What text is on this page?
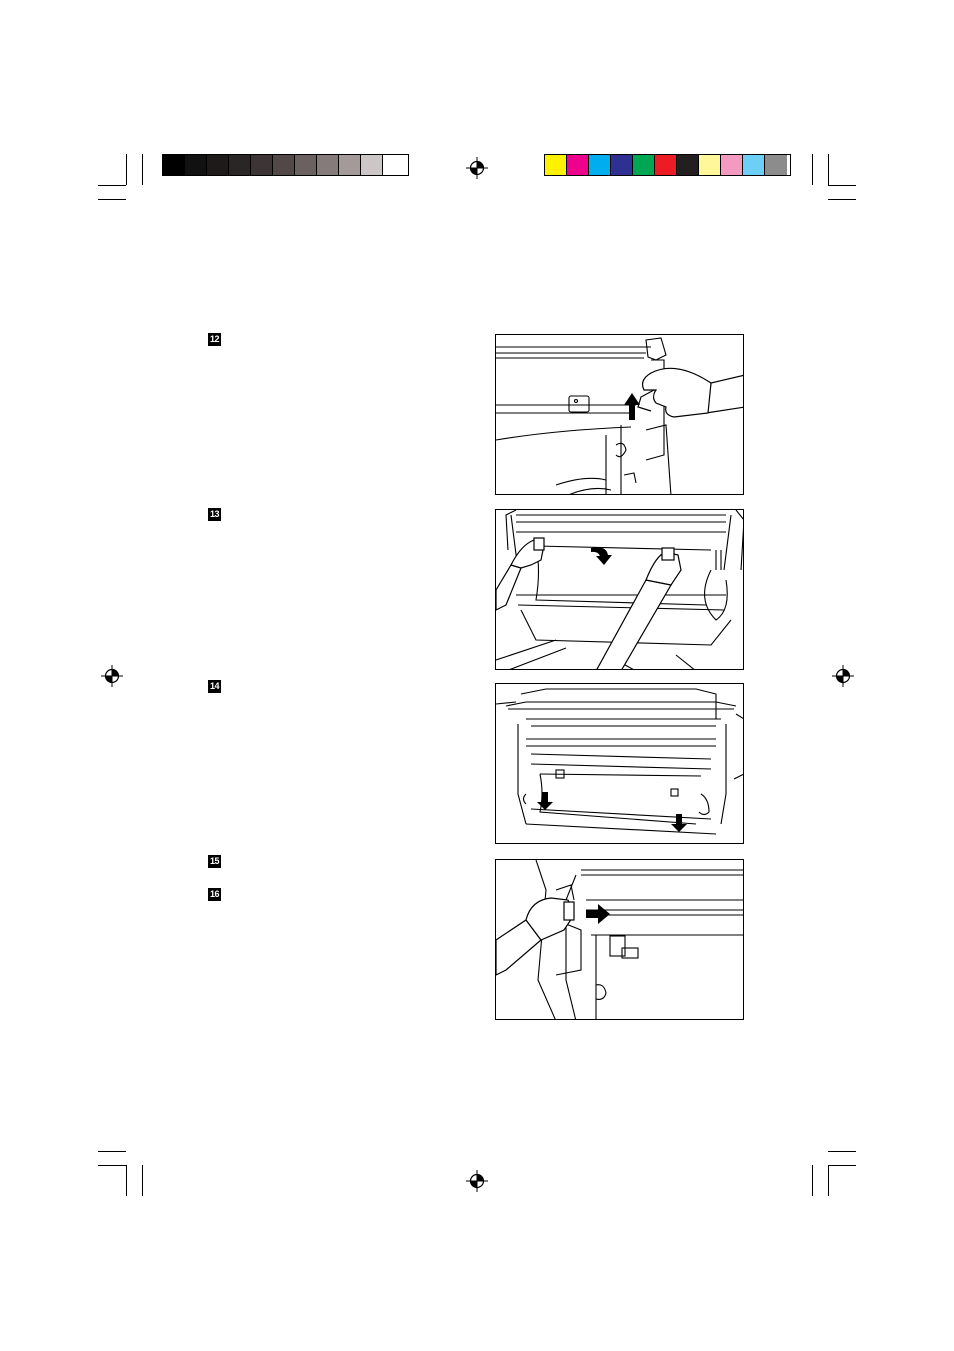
12
13
14
15
16
